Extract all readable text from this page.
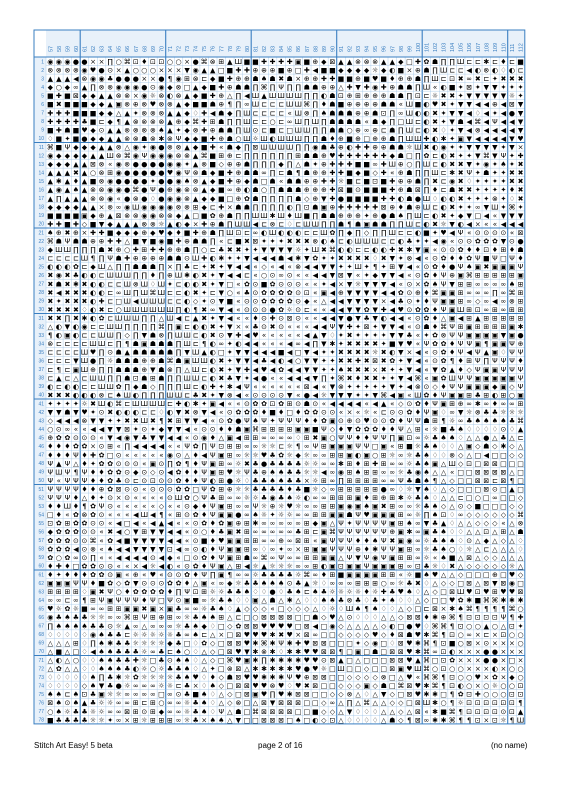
57 58 59 60 61 62 63 64 65 66 67 68 69 70 71 72 73 74 75 76 77 78 79 80 81 82 83 84 85 86 87 88 89 90 91 92 93 94 95 96 97 98 99 100 101 102 103 104 105 106 107 108 109 110 111 112
1
2
3
4
5
6
7
8
9
10
11
12
13
14
15
16
17
18
19
20
21
22
23
24
25
26
27
28
29
30
31
32
33
34
35
36
37
38
39
40
41
42
43
44
45
46
47
48
49
50
51
52
53
54
55
56
57
58
59
60
61
62
63
64
65
66
67
68
69
70
71
72
73
74
75
76
77
78
◉ ◉ ◉ ● ● × × ∏ ○ ⌘ ⊡ ♦ ⊡ ⊡ ○ ○ × ● ⌘ ⊗ ⊞ ▲ Ш ■ ■ ✚ ✚ ✚ ✚ ▣ ■ ⊕ ◆ ⊠ ▲ ▲ ⊗ ⊗ ⊗ ▲ ▲ ◆ □ ✚ ✿ ☗ ∏ ∏ Ш ⊏ ⊏ ✱ ⊏ ♦ ⊏ ■
⊗ ⊗ ⊗ ⊗ ◉ ♥ ● ⊙ × ▲ ○ ○ ○ × × × ▼ ◉ ▲ ▲ □ ■ ✚ ✚ ⊕ ⊕ ⊕ ■ ⊕ □ ✚ ◀ ■ ■ ◆ ◆ ◆ ◆ ☼ ◆ ◐ ■ × ⊕ ☗ ∏ Ш ⊏ ⊏ ◀ ◐ ⊗ ◐ ♢ ◐ ⊏
▲ ▲ ▲ ◀ ⊗ ◉ ◉ ♣ ● ● ● × × ● ¶ ◉ ⊞ ⊗ ⊏ ◆ ■ ✚ ⊕ ⊕ ☗ ♠ ☗ ✖ ☗ × ⊕ ⊕ ✚ ✚ ■ ■ ⊕ ■ ♥ ■ ♦ ⊕ ⊕ ☗ ∏ Ш ⊏ ⊡ ✖ ∞ ✖ ⊏ ✦ ✖ ✖ ✖
◆ ○ ◆ ∞ ▲ ∏ ⊗ ⊗ ◉ ◉ ◉ ● ⊙ ◉ ◆ ⊗ □ ▲ ◆ ■ ✚ ⊕ ☗ ☗ ∏ ⌘ ∏ Ψ ∏ ∏ ☗ ☗ ⊕ ⊕ △ ✚ ▼ ✚ ◉ ✚ ⊕ ☗ ☗ ∏ Ш « ◐ ■ ✦ ⊠ ✦ ▼ ▼ ✦ ✦ ✦
■ ✚ ■ ⊠ ◆ ◆ ▲ ▲ ⊗ ⊗ × ◉ ☼ ⊗ ◐ ⊗ ▲ ◆ ■ ✚ ⊕ △ ∏ ◀ Ш ▲ Ш Ш Ш Ш ∏ ∏ ◐ ☗ ⊡ ⊕ ⊞ ⊕ ⊕ ⊕ ☗ ☗ ∏ ⊡ ⊏ ☼ ✖ ✖ ✦ ▼ ▼ ▼ ▼ ▼ ☼ ✦
■ ✖ ■ ■ ■ ◆ ◆ ▲ ▣ ⊗ ⊕ ⊗ ♥ ⊗ ⊗ ▲ ◆ ■ ■ ☗ ⊕ ¶ ∏ ∞ Ш ⊏ ⊏ ⊏ Ш Ш ⌘ ∏ ♦ ☗ ■ ⊕ ⊕ ⊕ ⊕ ☗ ☗ « Ш ■ ◐ ♥ ✖ ✦ ▼ ▼ ◀ ◀ ⊕ ◀ ⊠ ▼
✚ ✚ ✚ ■ ■ ■ ◆ ◆ △ ▲ ✦ ⊗ ⊗ ⊗ ▲ ▲ ◆ ♢ ✚ ◀ ☗ ◆ ∏ Ш ⊏ ⊏ ⊏ ⊏ « Ш ⊗ ∏ ♠ ☗ ☗ ☗ ⊕ ⊕ ☗ ⊡ ∏ ∞ Ш ◐ ◐ ✖ ✦ ▼ ▼ ◀ ♢ ◀ ✦ ◀ ● ▼
✚ ✚ ✚ ✚ ♣ ■ ⊏ ◆ ¶ ▲ ⊗ ⊗ ⊗ ⊗ ▲ ⊕ ◆ ⌘ ✚ ⊞ ☗ ∏ ∏ Ш ⊏ ⊏ ○ ⊏ ∞ Ш ∏ Ш ∏ ☗ ☗ ☗ ☗ « ☗ ◆ ∏ □ Ш ⊏ ◐ ✖ ✦ ▼ ☗ ◀ ⌘ ◀ Ψ ◀ ◀ ▼
■ ✚ ☗ ■ ♥ ◆ ⊙ ▲ ▲ ⊗ ⊗ ⊗ ⊗ ♠ ▲ ✦ ◆ ⊗ ✚ ⊕ ☗ ☗ ∏ Ш ⊙ ⊏ ■ ⊏ □ Ш Ш ∏ ∏ ☗ ☗ ○ ⊕ ∞ ⊕ ⊏ ☗ ∏ Ш ⊏ ◐ ✖ ♢ ✦ ▼ ◀ ⊗ ◀ ◀ ◀ ◀ ▼
♢ ■ ✦ ■ ● ◆ ◆ ▲ ▲ ⊗ ⊗ ☗ ⊗ ✱ ⊗ Ψ ◆ ◆ ■ ✚ ⊕ ☗ ○ Ш ☼ Ш ◐ Ш Ш Ш ∏ ∏ ☗ ♦ ⊕ ■ ⊕ □ ⊕ ⊕ ☗ ∏ Ш Ш ✚ ◐ ✱ ✦ ▣ ▼ ◀ ◀ ◀ ◀ ▼ ♥
⌘ ■ Ψ ◆ ◆ ◆ ▲ ▲ ⊗ △ ◉ ✦ ◉ ● ⊗ ⊗ ▲ ◆ ■ ✚ « ☗ ◆ ∏ ⊠ Ш Ш Ш Ш ∏ ∏ ◉ ☗ ♣ ⊕ ◐ ✚ ✚ ⊕ ⊕ ☗ ☗ ☼ Ш ✖ ◐ ◉ ✦ ✦ ▼ ▼ ▼ ▼ ✦ ▼ ×
◉ ◆ ◆ ◆ ◆ ▲ ▲ Ш ⊗ ⌘ ◉ Ψ ◉ ◉ ◉ ⊗ ⊗ ▲ ⌘ ■ ⊞ ⊕ ⊏ ∏ ∏ ∏ ∏ ∏ ∏ ⊞ ☗ ☗ ⊕ ♥ ✚ ✚ ✚ ✚ ✚ ✚ ◆ ☗ □ ∏ ✿ ⊏ ◐ ✖ ✦ ✦ ▼ ⌘ ▼ Ψ ✦ ✚
◆ ◆ ◆ ▲ ▲ ⊠ ⊗ « ◉ ⊗ ● ● ● ● ◉ ◉ ✦ ▲ ⊗ ■ ◇ ⊕ ⊕ ☗ ∏ ∏ ∏ ◆ ∏ △ ☗ ✦ ⊕ ✚ ✚ ✚ ■ ■ ∞ ✚ Ш ⊕ ○ ∏ Ш ⊏ ◐ ✖ ✖ ▼ ✦ ◉ ✦ ♠ ✦ ✖
▲ ▲ ▲ ✖ ▲ ○ ⊗ ⊞ ◉ ● ● ● ● ● ♥ ◉ Ψ ⊗ ☗ ◆ ■ ✚ ⊕ ☗ ☗ ∞ ∏ ⊏ ☗ ¶ ☗ ⊕ ⊕ ✚ ✚ ■ ◆ ■ ◇ ✚ « ⊕ ☗ ∏ ∏ Ш ⊏ ✱ ✖ Ψ ✦ ☗ ✦ ✦ ✖ ✖
▲ ✱ ▲ ♦ ▲ ■ ⊗ ◉ ● ● ● ● ✦ ● ● ◉ ♠ ⊗ ▲ ◆ ■ ✚ ⊕ ◆ ☗ □ ☗ « ☗ ☗ ⊕ ⊕ ✚ ✚ ☼ ■ ⊏ ■ ⊡ ■ ✚ ⊕ ⊕ ☗ ∏ ✖ ⊏ ◉ ✖ ♢ ✦ ✦ ✦ ✦ ✖ ✖
▲ ◉ ▲ ♠ ▲ ⊗ ⊗ ◉ ◉ ● ⌘ ● Ψ ● ⊕ ◉ ⊗ ⊗ ▲ ◆ ■ ∞ ⊕ ◐ ☗ ○ ∏ ☗ ☗ ☗ ⊕ ⊕ ⊕ ✚ ⊠ ■ ⊙ ■ ■ ■ ✚ ⊕ ☗ ⊠ ∏ ♦ ⊏ ☗ ✖ ✖ ✦ ✦ ✦ ✦ ♦ ✖
▲ ∏ ▲ ▲ ▲ ⊗ ⊗ ◉ « ● ⊗ ● ♢ ● ◉ ◉ ⊗ ▲ ◆ ◆ ■ □ ⊕ ✿ ☗ ∏ ∏ ∏ ∏ ☗ ◇ ⊕ ▼ ✚ ● ■ ■ ■ ■ ✚ ✚ ◐ ☗ ● Ш ♢ ◐ ◐ ✖ ✦ ✦ ✦ ⊗ ✦ ♢ ✖
◆ ◆ ◆ ◆ ▲ ▲ × ⊗ ∞ ◉ Ш ◉ ◉ ◉ ◉ ⊗ ⊗ ⊞ ◆ ⊏ ✚ × ☗ ☗ ∏ ∏ ∏ ∏ ◐ ∏ ⊡ ☗ ▣ ⊕ ✚ ✚ ✚ ✚ ✚ ⊠ ⊕ ♦ ☗ ⊕ Ш ⊏ ◐ ✖ ✦ ✦ ∞ ▼ Ш ✦ ⌘ ✦
■ ■ ■ ■ ▣ ◆ ⊕ ▲ ⊠ ⊗ ⊗ ◉ ◉ ⊗ ⊗ ◆ ▲ □ ■ ✿ ⊕ ☗ ∏ ∏ Ш Ш ✱ Ш ♦ Ш ■ ∏ ☗ ☗ ⊕ ⊕ ⊕ ✦ ⊕ ● ☗ ♠ ∏ Ш ⊏ ◐ ✖ ✦ ◆ ▼ □ ◀ « ▼ ▼ ▼
✚ ✚ ■ ✚ ◇ ■ ▼ ◆ ▲ ▲ ▲ ⊗ ⊗ ☼ ▲ ◐ ◆ × ✚ ⊕ ☗ ∏ Ш Ш ◀ ⊏ ⊗ ⊏ ♢ ⊏ Ш Ш ∏ ∏ ☗ ¶ ☗ ▣ ☗ ☗ ∏ ∏ Ш ⊏ ◐ ✖ ☼ ▼ ◐ ◀ × « « ◀ ◀ ◀
♠ ⊕ ✖ ⊕ × ✚ ✚ ■ ◆ ◆ ◆ ⊕ ◆ ♥ ◆ ♦ ■ ✚ ⊕ ☗ ∏ Ш ⊡ ⊏ ∞ ◐ Ш ◐ ◐ ◐ ⊏ ⊏ Ш ✿ ∏ ◆ ∏ ◇ ∏ ∏ Ш ⊏ ⊏ ◐ ■ ✦ ♥ ◀ Ψ « ⊙ ⊙ ⊙ ⊙ « ⊠
⌘ ☗ Ψ ☗ ☗ ⊕ ⊕ ✚ ✚ △ ■ ▼ ■ ◉ ■ ✚ ⊕ ☗ ☗ ∏ « ⊏ ■ ✖ ⊠ ✦ ✦ ✦ ✖ ✖ ✖ ⊗ ◐ ♠ ⊏ ◐ Ш Ш Ш ⊏ ⊏ ◐ ♣ ✦ ✦ ◀ ◉ « ⊙ ⊙ ✿ ✿ ✿ ▼ ⊙ ●
◆ Ш Ш ∏ ∏ ∏ ☗ ✖ ⊕ ○ ✚ ⊞ ✚ ✚ ⊕ ⊕ ☗ ∏ ○ ⊏ ♣ ✖ ✖ ✦ ✦ ▼ ▼ ▼ ▼ ☼ ✦ Ш ✖ ⌘ ◐ ◐ ⊏ ⊏ ◐ ◐ ✚ ✖ ✱ ▼ ▣ « ⊙ ⊙ ✿ ♦ ♦ ⊡ ♦ ⊞ ♦ ☗
⊏ ⊏ ⊏ ⊏ Ш ¶ ∏ Ψ ☗ ✚ ⊕ ⊕ ⊕ ⊕ ☗ ☗ ⊙ Ш ✚ ◐ ✱ ✦ ✦ ▼ ◀ ◀ ◀ ☗ ◀ ✱ ▼ ✿ ✦ ✦ ✖ ✖ ✖ ✖ ♢ ✖ ▼ ✦ ⊗ ◀ « ⊙ ✿ ♦ ♦ ✿ Ψ ■ Ψ □ Ψ ♦
◐ ◐ ◐ ✿ ⊏ ◆ Ш △ ∏ ∏ ☗ ☗ ☗ ∏ × ∏ ♣ ⊏ ✦ ✖ ✦ ▼ ◀ ◀ « ◇ « ◀ « ⊗ ◀ ◀ ▼ ▼ ✦ ✦ Ш ✦ ¶ ✦ ⊞ ▼ ◀ « ⊙ ✿ ♦ ● Ψ ♠ ▣ ✖ ▣ ▣ ▣ Ψ
✖ ◉ ✖ ♣ ◐ ◐ ⊏ Ш Ш Ш ∏ ∏ ♦ ∏ ⊕ Ш ✱ ◐ ✖ ✦ ▼ ◀ ◀ ⊏ « ○ ⊙ ∞ ⊙ « « ◀ ◀ ▼ ⊠ ▼ « ✦ ◆ ▼ ▼ ◀ « ⊙ ✿ ♦ Ψ ⊕ ▣ ⌘ ⊞ ⊞ ⊞ ⊞ ⊞ ▣
✖ ☗ ✖ ✱ ✖ ◐ ◐ ⊏ ⊏ Ш ⊗ Ш ♢ Ш ✦ ⊏ ◐ ◐ ✖ ✦ ▼ □ « ✿ ⊙ ■ ✿ ⊙ ⊙ ⊙ « « ✦ ◀ × ▼ ☼ ▼ ▼ ▼ ◀ « ⊙ × ✿ ♠ Ψ ▼ ⊞ ⊞ ∞ ∞ ∞ ∞ ♠ ⊞
✖ ◀ ✖ ✖ ✖ ◐ ◐ ⊏ ∞ Ш ∏ Ш ⌘ Ш ⊏ ⊏ ◐ ✖ ✦ ⊏ ▼ ○ « ♣ ⊙ ✿ ✿ ✿ ✿ ⊙ ⊡ « ▣ ◀ ⊕ ▼ ▼ ▼ ▼ ◀ ◀ ✿ ⊙ ⊕ ♦ ⌘ ▣ ▣ ⊞ ∞ ∞ ∞ ∏ ∞ ⌘ ⊞
✖ ✦ ✖ ✖ ✖ ◐ ✚ ⊏ □ Ш ◀ Ш Ш Ш ⊏ ⊏ ◐ ◇ ✦ ⊙ ▼ ■ « ⊙ ⊙ ✿ ✿ ✿ ✿ ⊙ ◆ « △ ◀ ◀ ▼ ▼ ▼ ▼ × ◀ ♣ ⊙ ✦ ♦ Ψ ▣ ▣ ⊞ ∞ ◇ ∞ ◀ ∞ ⊗ ⊞
✖ ✖ ✖ ✖ ♢ ◐ ✖ ⊏ ○ Ш Ш Ш Ш Ш Ш ∏ ◐ ¶ ✖ ∞ ▼ ◀ « ⊙ ⊙ ⊙ ● ✿ ☼ ⊙ ⊏ « « ◀ ◀ ▼ ▼ ✿ ▼ ✚ ◀ ♥ ⊙ ✿ ✿ ♦ Ψ ▣ Ш ⊞ ⊡ ∞ ⊞ ∞ ⊞ ⊞
✖ ✖ ∏ ✖ ✱ ◐ ✿ ⊏ Ш Ш Ш ∏ ∏ △ Ш ◀ ⊏ ▲ ✖ ✦ ▼ ◀ « « ♦ ⊙ ✚ ⊙ ⊠ ⊙ « « ◀ ◀ ▼ ● ▼ ♣ ▼ ◐ ◀ ◀ « ⊙ ✿ ♦ △ ▣ ◀ ⊞ ▲ ⊞ ⊞ ⊞ ⊞ ⊞
△ ◐ ▼ ◐ ◉ ⊏ ⊏ Ш Ш ∏ ∏ ∏ ∏ ⌘ ∏ ▣ ⊏ ◐ ◐ ✖ ✦ ▼ × « ♣ ⊙ ✖ ⊙ « « « ◀ ◀ Ψ ▼ ✚ ✦ ⊠ ✦ ▼ ▼ ◀ « ⊙ ☗ ♦ ⌘ Ψ ⊞ ▣ ⊞ ⊞ ⊞ ⊞ ▣ ✱
¶ ◐ ▣ ◐ ⊏ ⊏ Ш Ш ∏ ◇ ∏ ▼ ☗ ⊗ ∏ Ш Ш ⊏ ◐ ✖ ⊙ ▼ ✚ ◀ ♥ « « « « « ◀ ▲ ▼ ♢ ✦ ✖ ✦ ✦ ✦ ✦ ▼ ▼ ♣ « ✦ ✿ ⊗ Ψ Ψ ▣ ▣ ▣ ▣ ▼ ▣ ●
⊗ ⊏ ⊏ ⊏ ⊏ Ш Ш ⊏ ∏ ¶ ☗ ▣ ☗ ☗ ☗ ∏ Ш ⊏ ¶ ◐ ∞ ✦ ◐ ◀ ◀ « « « ◀ ∞ ◀ ∏ ▼ ✱ ✦ ✖ ✖ ✖ ✖ ✦ ■ ▼ ♥ « Ψ ✿ ✿ ♦ Ψ Ψ ▣ ¶ ▣ ▣ Ψ ⊕
⊏ ⊏ ⊏ ⊏ Ш ♥ ∏ ⊙ ☗ ▲ ☗ ☗ ☗ ☗ ☗ ∏ ▼ Ш ▲ ◐ □ ✦ ▼ ▼ ◀ ◀ ◀ ■ ◀ □ ▼ ◀ ✦ ✦ ✖ ✖ ✖ ✖ ☼ ✖ ◐ ▼ × ◀ « ⊙ ✿ ♦ Ψ ◀ Ψ ▲ ▣ ♢ Ψ Ψ
⊏ ⊏ ⊏ ▼ Ш ● ∏ ☼ ☗ ☗ ☗ ⊕ ⊕ ☗ ⌘ ☗ ▣ Ш Ш ◐ ✖ ✦ ▼ ▼ ◀ ♣ ◀ ◐ ◀ ○ ▼ ▼ ✦ ✦ ✖ ✖ ✚ ✖ ⊠ ✖ ✿ ✦ ▼ ◀ « ⊙ ✿ ¶ ♦ ⊞ Ψ ∏ Ψ Ψ Ψ ♦
⊏ ¶ ⊏ ▣ Ш ⊕ ∏ ∏ ☗ ☗ ☗ ⊕ ▼ ☗ ⊗ ∏ △ Ш ⊏ ◐ ✖ ✦ ▼ ✚ ◀ ♥ ◀ ✿ ◀ ◀ ▼ ▼ ✦ ✦ ♠ ✖ ✖ ✖ × ✖ ✦ ✦ ▼ ◀ « ▼ ✿ ▲ ♦ ◇ Ψ ▣ ▣ Ψ Ψ Ψ
⊏ ▲ ⊏ △ ⊏ Ш Ш ∏ ∏ ☗ ⊡ ☗ ⊞ ☗ ∏ ∏ Ш Ш ⊏ ◐ ✖ ♣ ▼ ✦ ◀ ● « « ◀ ◀ ◀ ▼ ∏ ✦ ⌘ ✖ ♦ ✖ ✖ ✦ ✦ ▼ ◀ ⌘ « ▣ ✿ Ш Ψ Ψ ▣ ▣ ▣ ▣ ▣ Ψ
◐ ⊏ ◐ ◐ ⊏ ⊏ Ш Ш ✿ ∏ ◆ ☗ ◇ ∏ ∏ ∏ Ш ⊏ ◐ ✚ ✦ ✱ ◀ Ψ « « « « « « ⊠ ◀ « ▼ ⊗ ✦ ✦ ✦ ✦ ✦ ▼ ✦ ◀ ⊗ ⊙ ◇ ♦ Ψ Ψ ▣ ▣ ▣ ◆ ▣ ◇ Ψ
✖ ✖ ✖ ◐ ◐ ◐ ⊗ ⊏ ♠ Ш ◐ ∏ ∏ ∏ Ш Ш ⊏ ♣ ✖ ✦ ▼ ⊗ ◀ « ⊙ ⊙ ⊙ ⊙ ▼ « ● ◀ ☼ ▼ ▼ ▼ ✦ ✦ ▼ ⌘ ◀ ▣ « Ш ✿ ♦ Ψ ▣ ▣ ⊞ ♣ ⊞ ◐ ⊞ ○ ▣
✦ ✦ ✦ ✦ ☼ ✖ Ш ◐ ⌘ ⊏ Ш Ш Ш Ш ⊏ ✚ ◐ ✱ ✦ ▣ ◀ « « ⊙ ✿ ✿ ⊡ ✿ ⊞ ⊙ ☗ ⊙ « ◀ ◀ ◀ ◀ « ◀ ▲ « ◇ ⊙ ✿ ♦ Ψ ▣ ⊞ ⊕ ∞ ✱ ∞ ♦ ∞ ∞ ⊞
▼ ▼ ☗ ▼ ♥ ✦ ⊙ ✖ ◐ ◐ ◐ ⊏ ⊏ ♢ ◐ ▼ ✖ ⊗ ▼ ◀ « ⊙ ✿ ✿ ✿ ♦ ■ ♦ □ ♦ ✿ ✿ ⊙ ⊙ « × « ☼ « ⊏ ⊙ ⊙ ✿ ♦ Ψ ▣ ♢ ∞ ▼ ☼ ⊗ ♣ ♣ ☼ ☼ ☼
◇ ◀ ◀ ◀ ⊗ ▼ ▼ ✦ ✦ ✖ ✖ Ш ✖ ¶ ✖ ⊞ ▼ ▼ ◀ « ⊙ ✿ ● Ψ ♠ Ψ ✦ Ψ Ψ Ψ ♦ ♦ ✿ ▣ ⊙ ⊕ ⊙ ♥ ⊙ ⊙ ✿ ♦ Ψ Ψ ☗ ⊞ ¶ ☼ ∞ ♣ ♠ ♠ ♠ ♠ ♣ ⌘
○ ⊙ ∞ « « ◀ ◀ ▼ ▼ ⊠ ✦ ⊙ ✦ ◆ ▼ ▼ ◀ « ⊙ ⊙ ♦ ♦ ☗ ▣ ⌘ ⊞ ⊞ ⊞ ⊞ ▣ ▣ ■ Ψ ◇ ♦ ▼ ✿ ✿ ✿ ♦ ♦ Ψ △ ⊞ « ☼ ■ ♣ ♠ ♢ ♢ ♢ ♢ ⊙ ♢ ▲
⊕ ✿ ✿ ⊙ ⊙ ⊙ « ▼ ◀ ◉ ▼ ♣ ▼ ▼ ◀ ◀ « ⊙ ◉ ♦ △ ▣ ◀ ⊞ ⊞ ∞ ∞ ∞ ∞ ♢ ⊞ ✖ ▣ ○ Ψ Ψ ♦ ♦ Ψ Ψ ∏ ▣ ⊡ ∞ ☼ ♣ ♠ ♠ ♢ △ △ ● △ ♣ △ ⊏
♦ ♦ ♦ ✿ ✿ × ⊙ ⊞ « ∏ ◀ ◀ ◀ ◀ « « Ψ ✿ ∏ Ψ ⊡ ⊞ ⊞ ∞ ∞ ☼ ☼ ⊏ ☼ ¶ ∞ Ψ ⊞ ▣ ▣ ▣ Ψ Ψ □ ▣ « ⊞ ■ ☼ ♣ ♠ ♢ ♢ △ ▣ ◇ ☗ ◇ ✱ ◇ △
♦ ♦ ♦ Ψ ♦ ✚ ✿ □ ⊙ « « « « « ◉ ⊙ △ ♦ ◀ Ψ ▣ ⊞ ∞ ☼ ☼ ♥ ♣ ✿ ☼ ◆ ☼ ∞ ∞ ⊞ ⊞ ▣ ◐ ▣ ○ ⊞ ☼ ∞ ☼ ♣ ♠ ♢ ♢ ⊗ ◇ △ □ ◀ □ □ ◇ ◇
Ψ ▲ Ψ △ ♦ ✦ ✿ ✿ ⊙ ⊙ ⊙ « ▣ ⊙ ∏ ✿ ¶ ♦ Ψ ▣ ⊞ ∞ ☼ ✖ ♣ ● ♣ ♣ ♣ ♣ ☼ ☼ ∞ ∞ ✱ ⊞ ♦ ⊞ ✚ ⊞ ∞ ∞ ☼ ♣ ♠ ▣ △ Ш ◇ ⊡ □ ⊠ ⊠ □ □ □
Ψ Ш Ψ ¶ Ψ ♦ ♦ ✿ ✿ ⊙ ◆ ⊙ ◇ ⊙ ◀ ✿ ♦ ♦ Ψ ▣ ⊞ ♥ ☼ Ψ ♣ ⊕ ♠ ♠ ♣ ♣ ☼ ☼ ◀ ∞ ◉ ⊞ ♠ ⊞ ⊞ ∞ ∞ ☼ ♣ ◉ ♠ △ △ « □ □ ⊠ ⊠ ⊠ ⊠ △ □
Ψ « Ψ Ψ Ψ ♦ ♦ ✿ ♣ ⊙ ⊏ ⊙ ⊡ ⊙ ⊙ ✿ ♦ ♦ Ψ ◐ ⊞ ● ☼ ♢ ♣ ♣ ♠ ♠ ♣ ♣ × ☼ ⊞ ∞ ∏ ⊞ ⊞ ⊞ ⊞ ∞ ∞ Ψ ♣ ☗ ♠ ¶ △ ◇ □ □ ⊠ ⊠ ⊏ ⊠ ¶ □
Ψ Ψ Ψ Ψ ♦ ♦ ⊕ ✿ ⊠ ⊙ ⊙ « ⊙ ⊙ ⊙ ✿ ✿ □ Ψ ✿ ⊞ ⊕ ☼ ☼ ♣ ♣ ♣ ♣ ♦ ♣ ■ ☼ ◇ ∞ ⊞ ⊞ ⊞ ⊞ ⊞ ● ∞ ♢ ☼ ▼ ♠ ♢ △ ◇ □ □ □ ⊠ ⊙ □ ▲ □
Ψ Ψ Ψ ♦ △ ♦ ✦ ⊙ × ⊙ « « « « ⊙ Ш ✿ ○ Ψ ♣ ⊞ ∞ ∞ ☼ ☼ ♣ ◉ ♣ ♠ ☼ ◐ ∞ ∞ ⊞ ⊞ ⊞ ▣ ♦ ⊞ ⊕ ⊞ ✱ ☼ ♣ ♠ ♢ △ △ ⊏ □ ○ □ ∞ □ □ ◇
♦ ♦ Ш ♦ ¶ ✿ Ψ ⊙ « « « « « ◇ « « ⊙ ◆ ♦ Ψ ▣ ⊞ ∞ ∞ Ψ ☼ ⊕ ☼ ♥ ☼ ∞ ∞ ⊞ ⊞ ▣ ◉ ▣ ♠ ▣ ✖ ⊞ ∞ ∞ ☼ ♣ ♠ ◇ △ ⊙ ◇ ■ □ □ □ ◇ ◇
□ ♦ « ✿ ⊗ ✿ ⊙ « « « ◀ Ш ◀ ¶ « ⊞ ⊙ ✿ ♦ Ψ ▣ ▣ ● ∞ ♠ ☼ ✦ ☼ ☼ ∞ ∞ ⊞ ⊞ ▣ ▣ ☗ Ψ ♥ ▣ ▣ ▣ ⊞ ∞ ☼ ∏ ♠ ⊡ ♢ ∞ ◇ ◇ ◇ ◇ ◇ ◇ ⌘
⊡ ✿ ⊞ ✿ ✿ ⊙ ⊙ « ◀ □ ◀ « ◀ ▲ ◀ « « ⊙ ✿ ♦ ✿ ▣ ⊕ ⊞ ✱ ∞ ∞ ∞ ∞ ∞ ⊞ ◆ ▣ △ Ψ ✦ Ψ Ψ Ψ Ψ ▣ ⊞ ♠ ∞ ▼ ♣ ▲ ♢ △ △ ◇ ◇ ◇ « △ ⊗
◆ ✿ ✿ ✿ ⊙ ⊙ « ✖ ◀ ○ ▼ ⊞ ▼ ▼ ◀ ◀ « ⊙ ○ ♦ ♣ ▣ ✖ ⊞ ∞ ∞ ∞ ∞ ∞ ♣ ⊞ ⊏ ▣ ⌘ Ψ Ψ Ψ Ψ Ψ Ψ ⊕ ▣ ✱ ∞ ▣ ♣ ♠ ♢ ♢ △ △ ⊡ △ ⊞ △ ☗
✿ ✿ ✿ ⊙ ⊙ ⌘ « ✿ ◀ ■ ▼ ▼ ▼ ▼ ◀ ◀ « ⊙ ■ ♦ ♥ ▣ ▣ ⊞ ⊞ ∞ ∞ ⊕ ∞ ⊠ ⊞ « ▣ Ψ Ψ Ψ ♦ ♦ ♠ Ψ ✖ ▣ ◉ ∞ ☼ ♣ ♠ ♠ ♢ ⊙ △ ◆ △ ◇ △ ♢
✿ ✿ ✿ ◀ ⊙ ⊗ « ♠ ◀ ◀ ▼ ▼ ▼ ▼ ⊡ ◀ ∞ ⊙ ◐ ♦ Ψ ▣ ▣ ⊞ ∞ ♢ ∞ ✦ ∞ × ⊞ ▣ ▣ Ψ Ψ Ψ ⊕ ♦ ✱ Ψ Ψ ▣ ⊞ ∞ ☼ ♣ ♠ ○ ♢ ☼ △ ⊏ △ △ △ ♢
✿ ○ ✿ ∞ ⊙ ∏ « « ◀ ◀ ◀ ◀ ⊙ ◀ ◆ « □ ⊙ ✿ ♦ Ψ ▣ ⊞ ☗ ∞ ⌘ ∞ Ψ ∞ ∞ ⊞ ⊞ ▣ ▣ △ Ψ ▼ Ψ ◉ Ψ ▣ ⊞ ⊞ ∞ ☼ « ♠ ■ △ ⊠ △ ◇ ◇ △ △ △
♦ ✚ ♦ □ ✿ ✿ ⊙ ⊙ « « × ◀ ☼ ◀ ◐ « ⊙ ✿ ♦ Ψ ▣ △ ⊞ ◀ ☼ ▲ ☼ ☼ ☼ ∞ ∞ ⊞ ◐ ▣ ⊡ ▣ ▣ Ψ ▣ ▣ ▣ ⊞ ∞ ⊡ ♣ ☼ ♢ ✖ △ ◇ ◇ ◇ ◇ ◇ ☼ △
♦ ✦ ♦ ♦ ♦ ✿ ✿ ⊙ ▣ « ⊕ « ♥ « ⊙ ⊙ ✿ ♦ Ψ ∏ ▣ ¶ ∞ ∞ ☼ ♣ ♣ ♣ ♣ ☼ ⌘ ∞ ♦ ⊞ ■ ▣ ▣ ▣ ▣ ⊞ ⊞ « ☼ ■ ♠ ♥ △ △ ◇ □ □ □ ⊕ □ ♥ ◇
▣ ▣ ▣ Ψ Ψ ♦ ■ ✿ ◇ ✿ ▼ ⊙ ⊙ ⊙ ✿ ✿ ♦ △ ▣ « ∞ ◆ ☼ ♣ ♣ ♠ ♠ ♠ ⊙ ♣ ▲ ☼ ♢ ∞ ∞ ∞ ⊞ ⊞ ⊞ ○ ∞ ☼ ♣ ✖ ♢ △ ◇ ◇ □ ⊠ △ ⊠ ▼ ⊠ ◉ □
⊞ ⊞ ⊞ ⊞ ♢ ▣ ✖ Ψ ○ ♦ ✿ ✿ ✿ ✿ ♦ ∏ Ψ ⊡ ⊞ ☼ ☼ ♣ ♣ ♠ ♢ ♢ ● ♢ ♣ ♠ ⊏ ♠ ♣ ☼ ☼ ☼ ☼ ♦ ☼ ✚ ♣ ♥ ♠ ♢ △ ◇ □ ⊠ Ш ♥ ⊡ ♥ ⊞ ♥ ♥ ⊠
∞ ∞ ⊏ ∞ ¶ ⊞ Ψ ▣ Ψ Ψ Ψ ♦ Ψ □ Ψ ⊙ ▣ ■ ∞ ☼ ♣ ♠ ♢ ♢ ▣ △ ☗ △ ✱ △ ♢ ♢ ♠ ♠ ♣ ⊗ ♣ ♢ ♣ ✦ ♠ ♢ ♢ △ ◇ □ □ ♥ ✿ ✱ ■ ⌘ ⌘ ✱ ✱ ✱
♥ ☼ ✿ ☼ ■ ∞ ∞ ⊞ ⊞ ▣ ▣ ✖ ▣ × ▣ ♣ ∞ ∞ ☼ ♣ ♠ ♢ ▲ ◇ ◇ ◇ « □ ◇ ◇ ◇ △ ♢ ☼ ♢ Ш ♠ ¶ ♠ ♢ ♢ △ ◇ □ ⊏ ⊠ × ✱ ♠ ⌘ ¶ ¶ ¶ ¶ ⌘ ○
◉ ♣ ♠ ♣ ♣ ☼ ☼ ∞ ∞ ⌘ ⊞ Ψ ⊞ ⊕ ⊞ ∞ ☼ ♣ ♠ ♠ ⊞ △ ⊏ □ ○ ⊠ ⊠ ⊠ ⊠ □ □ ☗ ◇ ♥ △ ⊙ ♢ ♢ ♢ △ △ ◇ ⊠ ⊠ ♦ ✱ ⊕ ⌘ ¶ ⊡ ⊡ ⊡ ⊡ Ψ ¶ ✚
∏ ♠ ♠ ♠ ♠ ♣ ♣ ⊙ ☼ ▲ ∞ △ ∞ ∞ ∞ ☼ ♣ ♠ ◆ ♢ □ ◇ ✿ ⊠ ⊠ ♥ ♥ ♥ ♥ □ ⊠ ◀ □ ◉ ◇ △ △ △ △ ◇ ◐ □ ● ♥ ♢ ⌘ ⌘ ¶ ⊡ ○ ○ ▲ ○ △ ⊡ ✦
♢ ♢ ♢ ♢ ♢ ◉ ♠ ♣ ♣ ⊏ ☼ ☼ ☼ ☼ ☼ ♣ ∞ ♠ ⊏ △ × □ ⊠ ♥ ♥ ♥ ✱ ✖ ♥ × ⊠ ∞ □ □ ◇ ◇ ◇ ◇ ♥ ◇ ♦ ⊠ ☗ ♥ ✱ ⌘ ¶ ⊡ ○ ∞ × ⊏ × ⊡ ○ ○
△ △ △ ⊞ ♢ ∏ ♠ ✱ ♣ ♣ ☼ ☼ ☼ ☼ ◆ ♣ □ ♢ ✿ ◇ □ ⊠ ⊠ ♥ ✱ ⌘ ✱ Ψ ✱ ✚ ♥ ⊠ ⊠ □ □ □ ✦ ◇ ◉ □ ♢ ⊠ ♥ ✱ ⌘ ¶ ⊡ ■ ○ ⊠ × ⊙ × × × ○
△ ■ △ □ ♢ ◀ ♠ ♠ ♣ ♣ ♣ ☼ ∞ ♣ ⊏ ♠ ○ ♢ △ ◇ □ ⊠ ♥ ▼ ✱ ⊗ ✱ ♢ ✱ ✱ ♥ ♥ ⊠ ⊠ ¶ □ ▣ □ ☗ □ ⊠ ⊠ ♥ ✱ ⌘ ∞ ⊡ ◐ × × × ● ● × × ×
△ ◐ △ ○ ♢ ♢ ♠ ♠ ♣ ♣ ✚ ☼ □ ♣ ⊙ ♠ ♠ ♢ △ ◇ □ ⌘ ♥ ▣ ✱ ∏ ✱ ✱ ✱ ✱ ♥ ♥ ⊙ ⊠ ▲ □ △ □ □ □ ⊠ ⊠ ♥ ▲ ⌘ □ ⊡ ✿ × × × ● ● × □ ×
△ ✿ △ △ ♢ ♢ ♠ ♠ ♠ ♣ ◐ ☼ ○ ☼ ♣ ♣ ♠ ♢ △ ✦ □ ⊗ ⊠ △ ✱ ✱ ✱ ✱ ✱ ♥ ● ♥ ☼ □ Ш □ □ ◇ □ □ ⊠ ▣ ♥ Ш ⌘ ○ ⊡ ○ ○ × × × ◐ × ○ ○
♢ ♢ ♢ ♢ ♢ ♠ ∏ ♣ ✱ ☼ ✿ ☼ ☼ ☼ ☼ ♣ ♠ ♥ ♢ ♦ ◇ ☗ ⊠ ♥ ♥ ✱ ✱ ✱ Ψ ♥ ⊕ ⊠ ⊠ □ □ ◇ ◇ ◇ ◇ ⊗ □ △ ♥ « ⌘ ⌘ ¶ ⊡ ○ ○ ♥ × ✿ × ◆ ○
♢ ♢ ♢ ♢ ◇ ♠ ▼ ♣ ● ☼ ∞ ∞ ∞ ☼ ☼ ⊏ ♣ × ♢ ♠ ◇ □ ⊠ ⊠ ♥ ♥ ⊗ ♥ ♢ ♥ ✖ ⊠ □ □ ◇ ◇ ◇ ▣ ◇ ☗ □ ⌘ ⊠ ♥ ✱ ⌘ ¶ ⊡ ◐ ○ × ○ ☼ ○ ○ ⊡
♠ ♠ ⊏ ♠ ⊡ ♣ ▣ ☼ ☼ ∞ ∞ ∞ ∞ □ ∞ ⊙ ♣ ■ ♠ ♢ △ ◇ □ ⊠ ▣ ♥ ∏ ♥ ✱ ⊠ ⊠ □ □ ◇ ◇ ⊗ △ ♢ △ ▼ ◇ □ ⊠ ♥ ✱ ✱ □ ¶ ✿ ⊡ ✚ ○ ○ ○ ⊡ ⊡
⊠ ♠ ⊙ ♠ ▲ ♣ ☼ ☼ ∞ ∞ ⊞ ⊏ ⊞ ○ ∞ ∞ ☼ ♣ ♠ ♢ △ ◇ ⊗ □ △ ⊠ ▼ ⊠ ⊠ ⊠ □ □ ◇ ∞ △ ∏ △ ⌘ △ △ ◇ ◇ □ ⊠ Ш ✱ ○ ¶ ☼ ⊡ ⊡ ⊡ ⊡ ⊡ ⊡ ¶
○ ♠ ☼ ♣ ♣ ☼ ☼ ∞ ∞ ⊠ ⊞ ⊙ ⊞ ◆ ∞ ∞ ☼ ♣ ♠ ♢ Ψ △ ☗ □ ⌘ ⊠ ⊠ ⊠ ⊠ □ □ ■ ◇ ◇ △ ▼ ♢ ♢ ♢ △ △ ◇ △ ⊠ « ✱ ■ ⌘ ¶ ⊡ ⊡ ⊡ ⊡ ⊙ ⊡ ▲
■ ♣ ♣ ♣ ♣ ☼ ☼ ✦ ∞ × ⊞ ☼ ⊞ ⊞ ⊞ ∞ ☼ ♣ × ♠ ♠ △ ▼ □ □ ⊠ ⊠ ⊠ □ ♠ □ ◐ ◇ ⊡ △ ♢ ♢ ♢ ♢ △ ☗ ◇ ¶ ⊠ ∞ ✱ ✱ ⌘ ¶ ¶ ⊡ × ⊡ ☼ ¶ Ш
Stitch Art Easy! 5 beta	page 2 of 16	(no name)
